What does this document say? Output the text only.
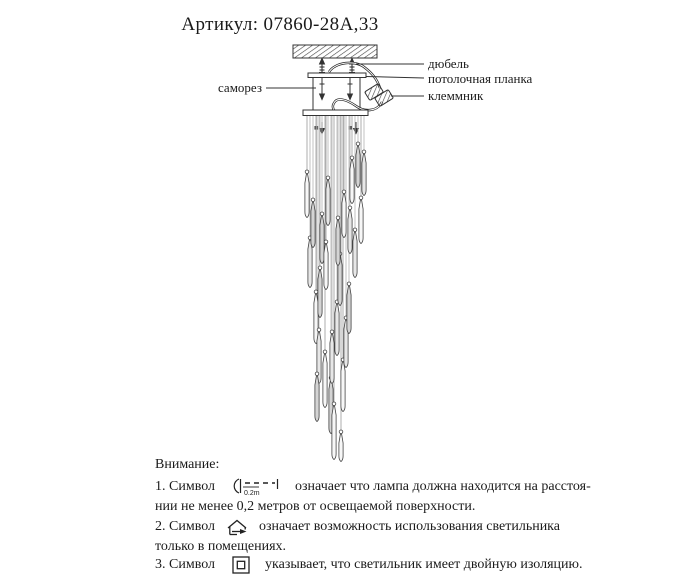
Артикул: 07860-28А,33
саморез
дюбель
потолочная планка
клеммник
Внимание:
1. Символ	0.2m	означает что лампа должна находится на расстоя-
нии не менее 0,2 метров от освещаемой поверхности.
2. Символ	означает возможность использования светильника
только в помещениях.
3. Символ	указывает, что светильник имеет двойную изоляцию.
